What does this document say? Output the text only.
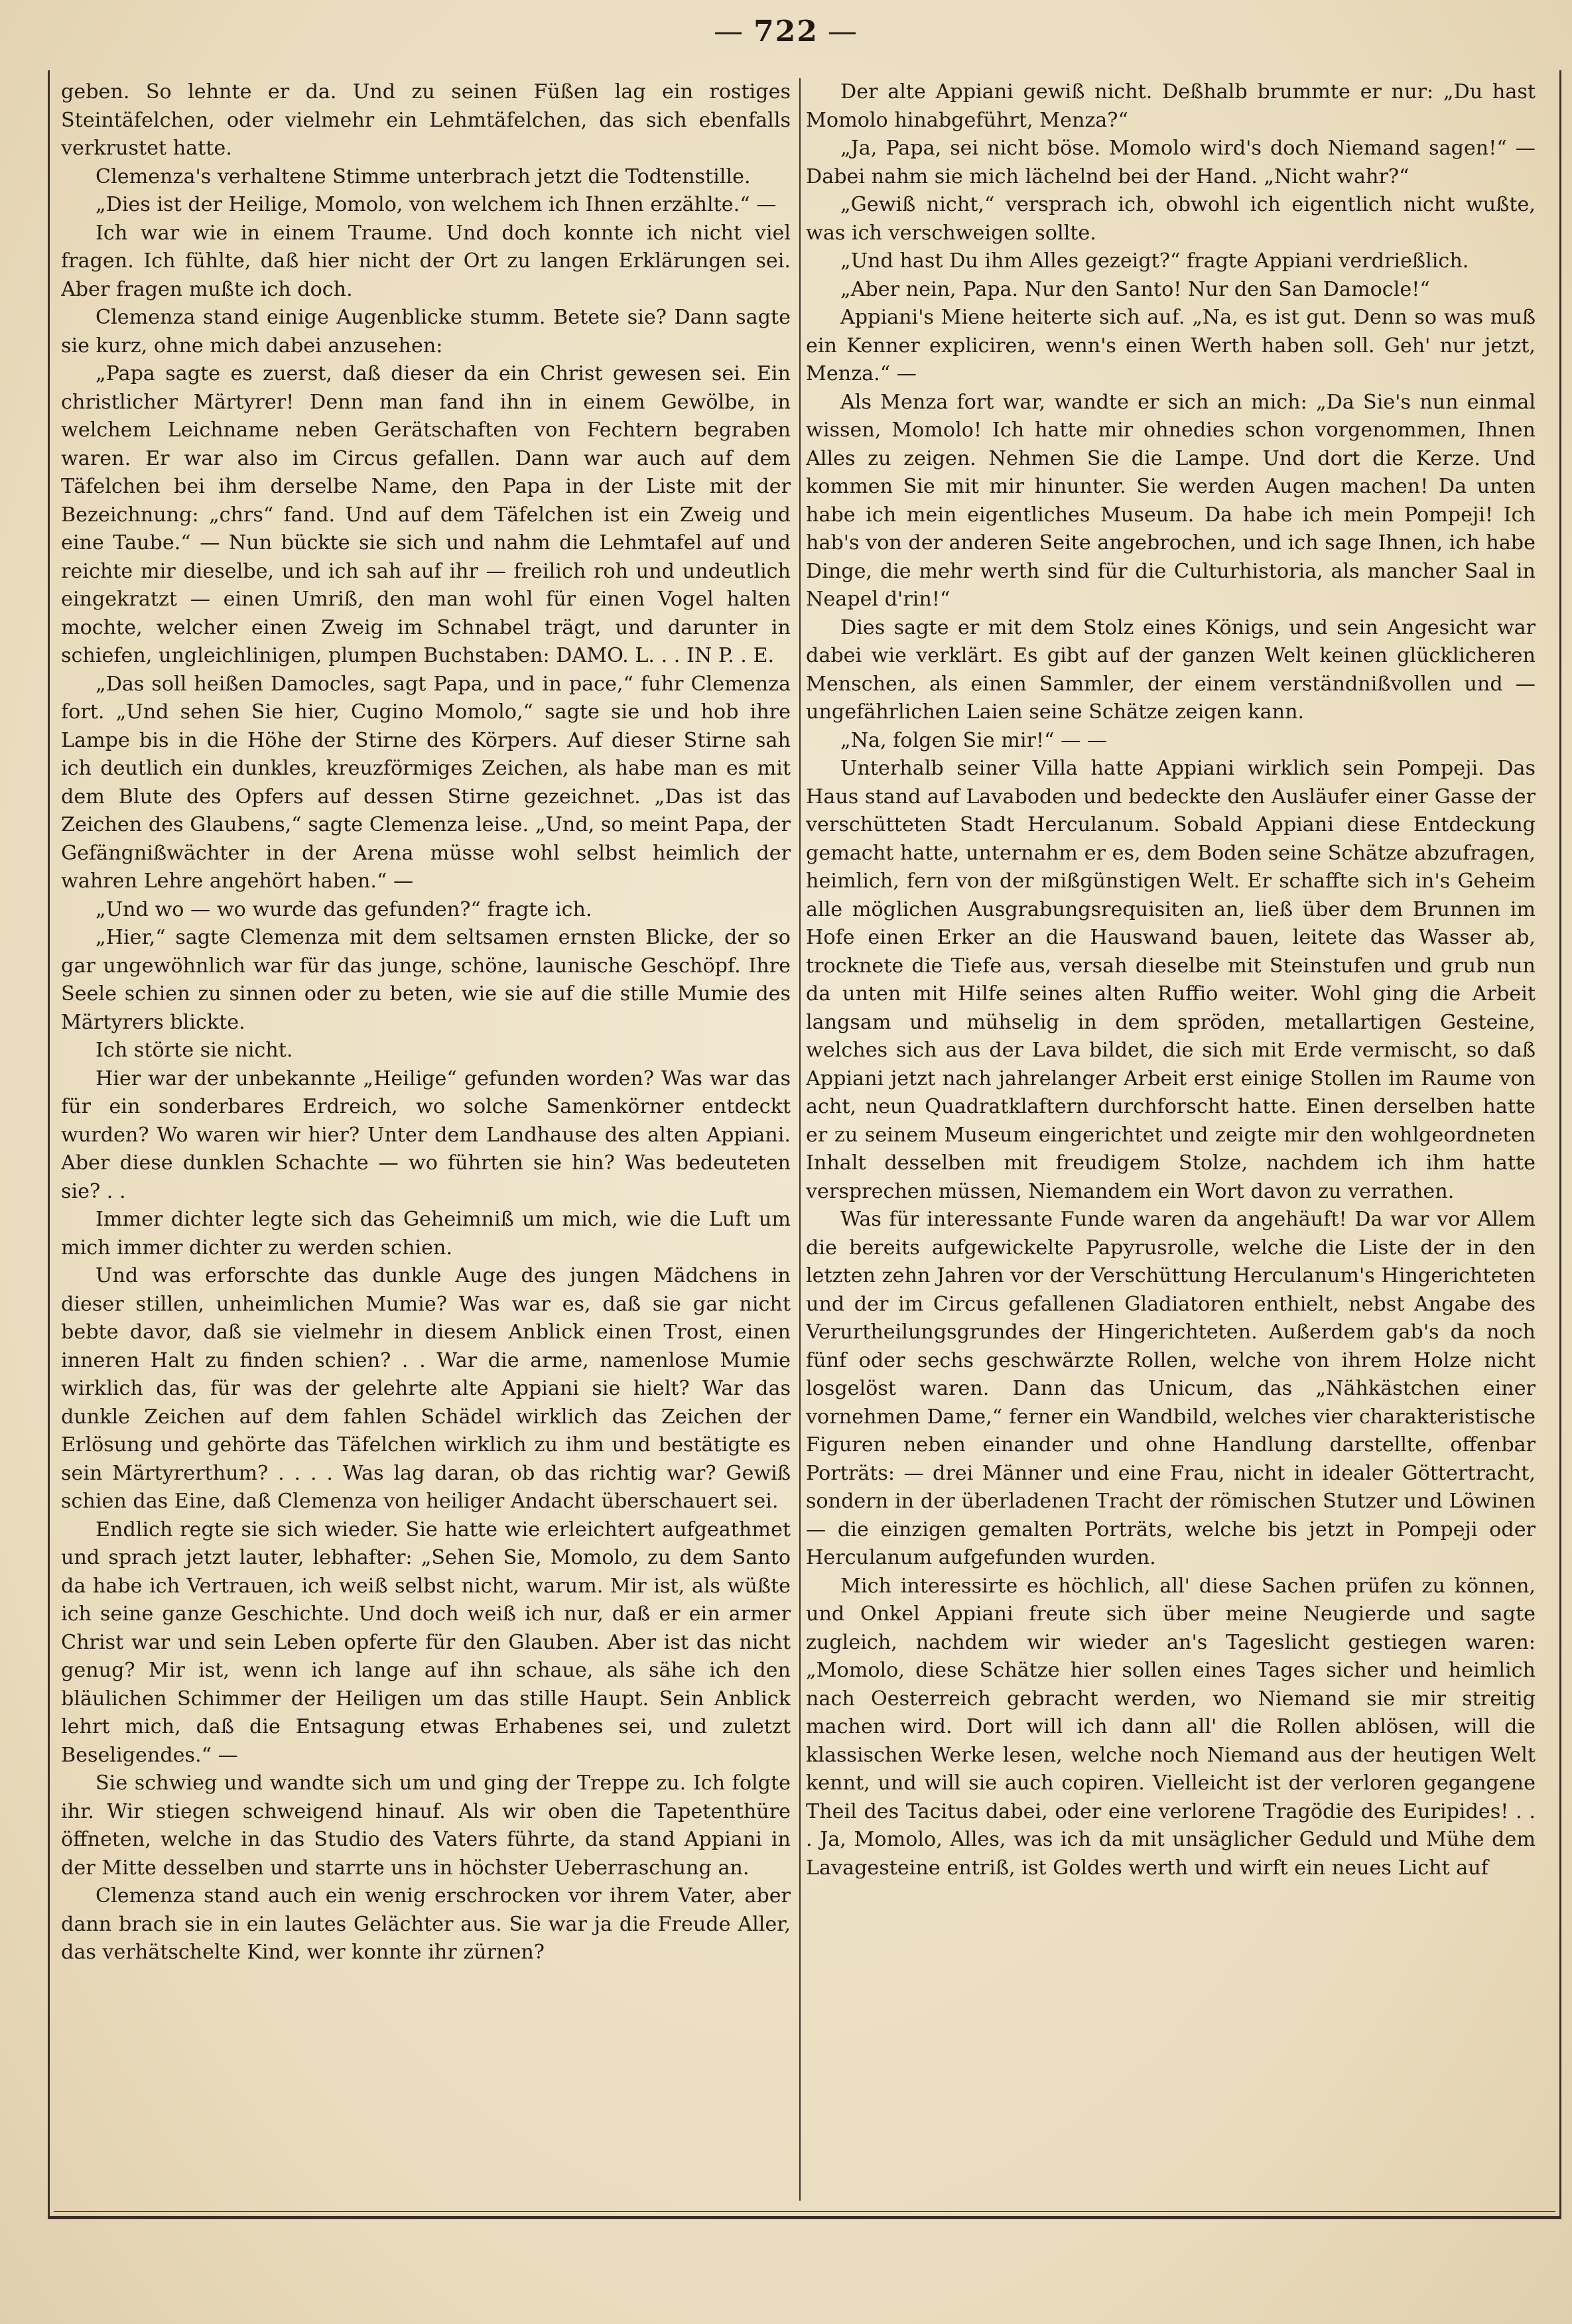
— 722 —

geben. So lehnte er da. Und zu seinen Füßen lag ein rostiges Steintäfelchen, oder vielmehr ein Lehmtäfelchen, das sich ebenfalls verkrustet hatte.

Clemenza's verhaltene Stimme unterbrach jetzt die Todtenstille.

„Dies ist der Heilige, Momolo, von welchem ich Ihnen erzählte.“ —

Ich war wie in einem Traume. Und doch konnte ich nicht viel fragen. Ich fühlte, daß hier nicht der Ort zu langen Erklärungen sei. Aber fragen mußte ich doch.

Clemenza stand einige Augenblicke stumm. Betete sie? Dann sagte sie kurz, ohne mich dabei anzusehen:

„Papa sagte es zuerst, daß dieser da ein Christ gewesen sei. Ein christlicher Märtyrer! Denn man fand ihn in einem Gewölbe, in welchem Leichname neben Gerätschaften von Fechtern begraben waren. Er war also im Circus gefallen. Dann war auch auf dem Täfelchen bei ihm derselbe Name, den Papa in der Liste mit der Bezeichnung: „chrs“ fand. Und auf dem Täfelchen ist ein Zweig und eine Taube.“ — Nun bückte sie sich und nahm die Lehmtafel auf und reichte mir dieselbe, und ich sah auf ihr — freilich roh und undeutlich eingekratzt — einen Umriß, den man wohl für einen Vogel halten mochte, welcher einen Zweig im Schnabel trägt, und darunter in schiefen, ungleichlinigen, plumpen Buchstaben: DAMO. L. . . IN P. . E.

„Das soll heißen Damocles, sagt Papa, und in pace,“ fuhr Clemenza fort. „Und sehen Sie hier, Cugino Momolo,“ sagte sie und hob ihre Lampe bis in die Höhe der Stirne des Körpers. Auf dieser Stirne sah ich deutlich ein dunkles, kreuzförmiges Zeichen, als habe man es mit dem Blute des Opfers auf dessen Stirne gezeichnet. „Das ist das Zeichen des Glaubens,“ sagte Clemenza leise. „Und, so meint Papa, der Gefängnißwächter in der Arena müsse wohl selbst heimlich der wahren Lehre angehört haben.“ —

„Und wo — wo wurde das gefunden?“ fragte ich.

„Hier,“ sagte Clemenza mit dem seltsamen ernsten Blicke, der so gar ungewöhnlich war für das junge, schöne, launische Geschöpf. Ihre Seele schien zu sinnen oder zu beten, wie sie auf die stille Mumie des Märtyrers blickte.

Ich störte sie nicht.

Hier war der unbekannte „Heilige“ gefunden worden? Was war das für ein sonderbares Erdreich, wo solche Samenkörner entdeckt wurden? Wo waren wir hier? Unter dem Landhause des alten Appiani. Aber diese dunklen Schachte — wo führten sie hin? Was bedeuteten sie? . .

Immer dichter legte sich das Geheimniß um mich, wie die Luft um mich immer dichter zu werden schien.

Und was erforschte das dunkle Auge des jungen Mädchens in dieser stillen, unheimlichen Mumie? Was war es, daß sie gar nicht bebte davor, daß sie vielmehr in diesem Anblick einen Trost, einen inneren Halt zu finden schien? . . War die arme, namenlose Mumie wirklich das, für was der gelehrte alte Appiani sie hielt? War das dunkle Zeichen auf dem fahlen Schädel wirklich das Zeichen der Erlösung und gehörte das Täfelchen wirklich zu ihm und bestätigte es sein Märtyrerthum? . . . . Was lag daran, ob das richtig war? Gewiß schien das Eine, daß Clemenza von heiliger Andacht überschauert sei.

Endlich regte sie sich wieder. Sie hatte wie erleichtert aufgeathmet und sprach jetzt lauter, lebhafter: „Sehen Sie, Momolo, zu dem Santo da habe ich Vertrauen, ich weiß selbst nicht, warum. Mir ist, als wüßte ich seine ganze Geschichte. Und doch weiß ich nur, daß er ein armer Christ war und sein Leben opferte für den Glauben. Aber ist das nicht genug? Mir ist, wenn ich lange auf ihn schaue, als sähe ich den bläulichen Schimmer der Heiligen um das stille Haupt. Sein Anblick lehrt mich, daß die Entsagung etwas Erhabenes sei, und zuletzt Beseligendes.“ —

Sie schwieg und wandte sich um und ging der Treppe zu. Ich folgte ihr. Wir stiegen schweigend hinauf. Als wir oben die Tapetenthüre öffneten, welche in das Studio des Vaters führte, da stand Appiani in der Mitte desselben und starrte uns in höchster Ueberraschung an.

Clemenza stand auch ein wenig erschrocken vor ihrem Vater, aber dann brach sie in ein lautes Gelächter aus. Sie war ja die Freude Aller, das verhätschelte Kind, wer konnte ihr zürnen?

Der alte Appiani gewiß nicht. Deßhalb brummte er nur: „Du hast Momolo hinabgeführt, Menza?“

„Ja, Papa, sei nicht böse. Momolo wird's doch Niemand sagen!“ — Dabei nahm sie mich lächelnd bei der Hand. „Nicht wahr?“

„Gewiß nicht,“ versprach ich, obwohl ich eigentlich nicht wußte, was ich verschweigen sollte.

„Und hast Du ihm Alles gezeigt?“ fragte Appiani verdrießlich.

„Aber nein, Papa. Nur den Santo! Nur den San Damocle!“

Appiani's Miene heiterte sich auf. „Na, es ist gut. Denn so was muß ein Kenner expliciren, wenn's einen Werth haben soll. Geh' nur jetzt, Menza.“ —

Als Menza fort war, wandte er sich an mich: „Da Sie's nun einmal wissen, Momolo! Ich hatte mir ohnedies schon vorgenommen, Ihnen Alles zu zeigen. Nehmen Sie die Lampe. Und dort die Kerze. Und kommen Sie mit mir hinunter. Sie werden Augen machen! Da unten habe ich mein eigentliches Museum. Da habe ich mein Pompeji! Ich hab's von der anderen Seite angebrochen, und ich sage Ihnen, ich habe Dinge, die mehr werth sind für die Culturhistoria, als mancher Saal in Neapel d'rin!“

Dies sagte er mit dem Stolz eines Königs, und sein Angesicht war dabei wie verklärt. Es gibt auf der ganzen Welt keinen glücklicheren Menschen, als einen Sammler, der einem verständnißvollen und — ungefährlichen Laien seine Schätze zeigen kann.

„Na, folgen Sie mir!“ — —

Unterhalb seiner Villa hatte Appiani wirklich sein Pompeji. Das Haus stand auf Lavaboden und bedeckte den Ausläufer einer Gasse der verschütteten Stadt Herculanum. Sobald Appiani diese Entdeckung gemacht hatte, unternahm er es, dem Boden seine Schätze abzufragen, heimlich, fern von der mißgünstigen Welt. Er schaffte sich in's Geheim alle möglichen Ausgrabungsrequisiten an, ließ über dem Brunnen im Hofe einen Erker an die Hauswand bauen, leitete das Wasser ab, trocknete die Tiefe aus, versah dieselbe mit Steinstufen und grub nun da unten mit Hilfe seines alten Ruffio weiter. Wohl ging die Arbeit langsam und mühselig in dem spröden, metallartigen Gesteine, welches sich aus der Lava bildet, die sich mit Erde vermischt, so daß Appiani jetzt nach jahrelanger Arbeit erst einige Stollen im Raume von acht, neun Quadratklaftern durchforscht hatte. Einen derselben hatte er zu seinem Museum eingerichtet und zeigte mir den wohlgeordneten Inhalt desselben mit freudigem Stolze, nachdem ich ihm hatte versprechen müssen, Niemandem ein Wort davon zu verrathen.

Was für interessante Funde waren da angehäuft! Da war vor Allem die bereits aufgewickelte Papyrusrolle, welche die Liste der in den letzten zehn Jahren vor der Verschüttung Herculanum's Hingerichteten und der im Circus gefallenen Gladiatoren enthielt, nebst Angabe des Verurtheilungsgrundes der Hingerichteten. Außerdem gab's da noch fünf oder sechs geschwärzte Rollen, welche von ihrem Holze nicht losgelöst waren. Dann das Unicum, das „Nähkästchen einer vornehmen Dame,“ ferner ein Wandbild, welches vier charakteristische Figuren neben einander und ohne Handlung darstellte, offenbar Porträts: — drei Männer und eine Frau, nicht in idealer Göttertracht, sondern in der überladenen Tracht der römischen Stutzer und Löwinen — die einzigen gemalten Porträts, welche bis jetzt in Pompeji oder Herculanum aufgefunden wurden.

Mich interessirte es höchlich, all' diese Sachen prüfen zu können, und Onkel Appiani freute sich über meine Neugierde und sagte zugleich, nachdem wir wieder an's Tageslicht gestiegen waren: „Momolo, diese Schätze hier sollen eines Tages sicher und heimlich nach Oesterreich gebracht werden, wo Niemand sie mir streitig machen wird. Dort will ich dann all' die Rollen ablösen, will die klassischen Werke lesen, welche noch Niemand aus der heutigen Welt kennt, und will sie auch copiren. Vielleicht ist der verloren gegangene Theil des Tacitus dabei, oder eine verlorene Tragödie des Euripides! . . . Ja, Momolo, Alles, was ich da mit unsäglicher Geduld und Mühe dem Lavagesteine entriß, ist Goldes werth und wirft ein neues Licht auf
